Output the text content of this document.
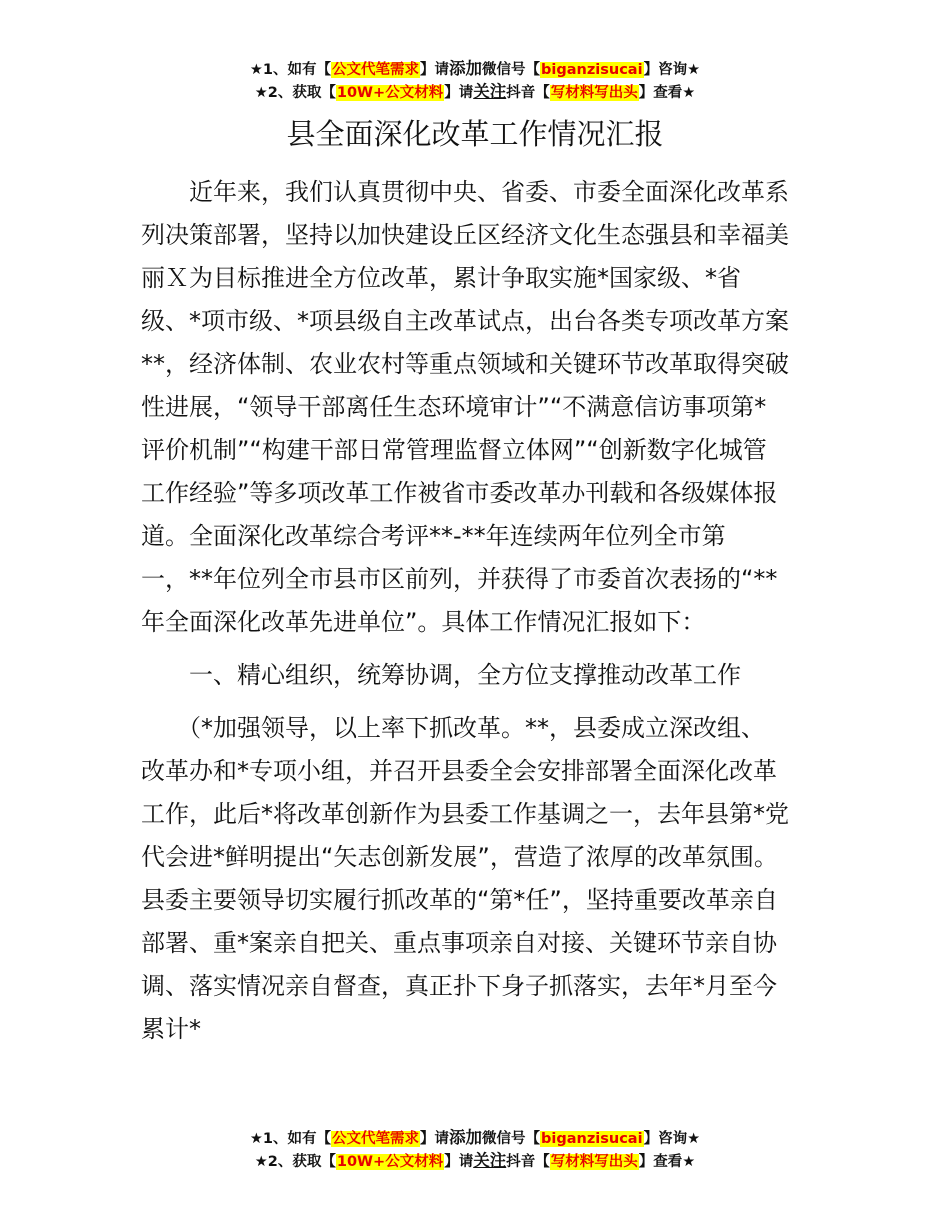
★1、如有【公文代笔需求】请添加微信号【biganzisucai】咨询★
★2、获取【10W+公文材料】请关注抖音【写材料写出头】查看★
县全面深化改革工作情况汇报
　　近年来，我们认真贯彻中央、省委、市委全面深化改革系
列决策部署，坚持以加快建设丘区经济文化生态强县和幸福美
丽Ｘ为目标推进全方位改革，累计争取实施*国家级、*省
级、*项市级、*项县级自主改革试点，出台各类专项改革方案
**，经济体制、农业农村等重点领域和关键环节改革取得突破
性进展，“领导干部离任生态环境审计”“不满意信访事项第*
评价机制”“构建干部日常管理监督立体网”“创新数字化城管
工作经验”等多项改革工作被省市委改革办刊载和各级媒体报
道。全面深化改革综合考评**-**年连续两年位列全市第
一，**年位列全市县市区前列，并获得了市委首次表扬的“**
年全面深化改革先进单位”。具体工作情况汇报如下：
　　一、精心组织，统筹协调，全方位支撑推动改革工作
　　（*加强领导，以上率下抓改革。**，县委成立深改组、
改革办和*专项小组，并召开县委全会安排部署全面深化改革
工作，此后*将改革创新作为县委工作基调之一，去年县第*党
代会进*鲜明提出“矢志创新发展”，营造了浓厚的改革氛围。
县委主要领导切实履行抓改革的“第*任”，坚持重要改革亲自
部署、重*案亲自把关、重点事项亲自对接、关键环节亲自协
调、落实情况亲自督查，真正扑下身子抓落实，去年*月至今
累计*
★1、如有【公文代笔需求】请添加微信号【biganzisucai】咨询★
★2、获取【10W+公文材料】请关注抖音【写材料写出头】查看★
